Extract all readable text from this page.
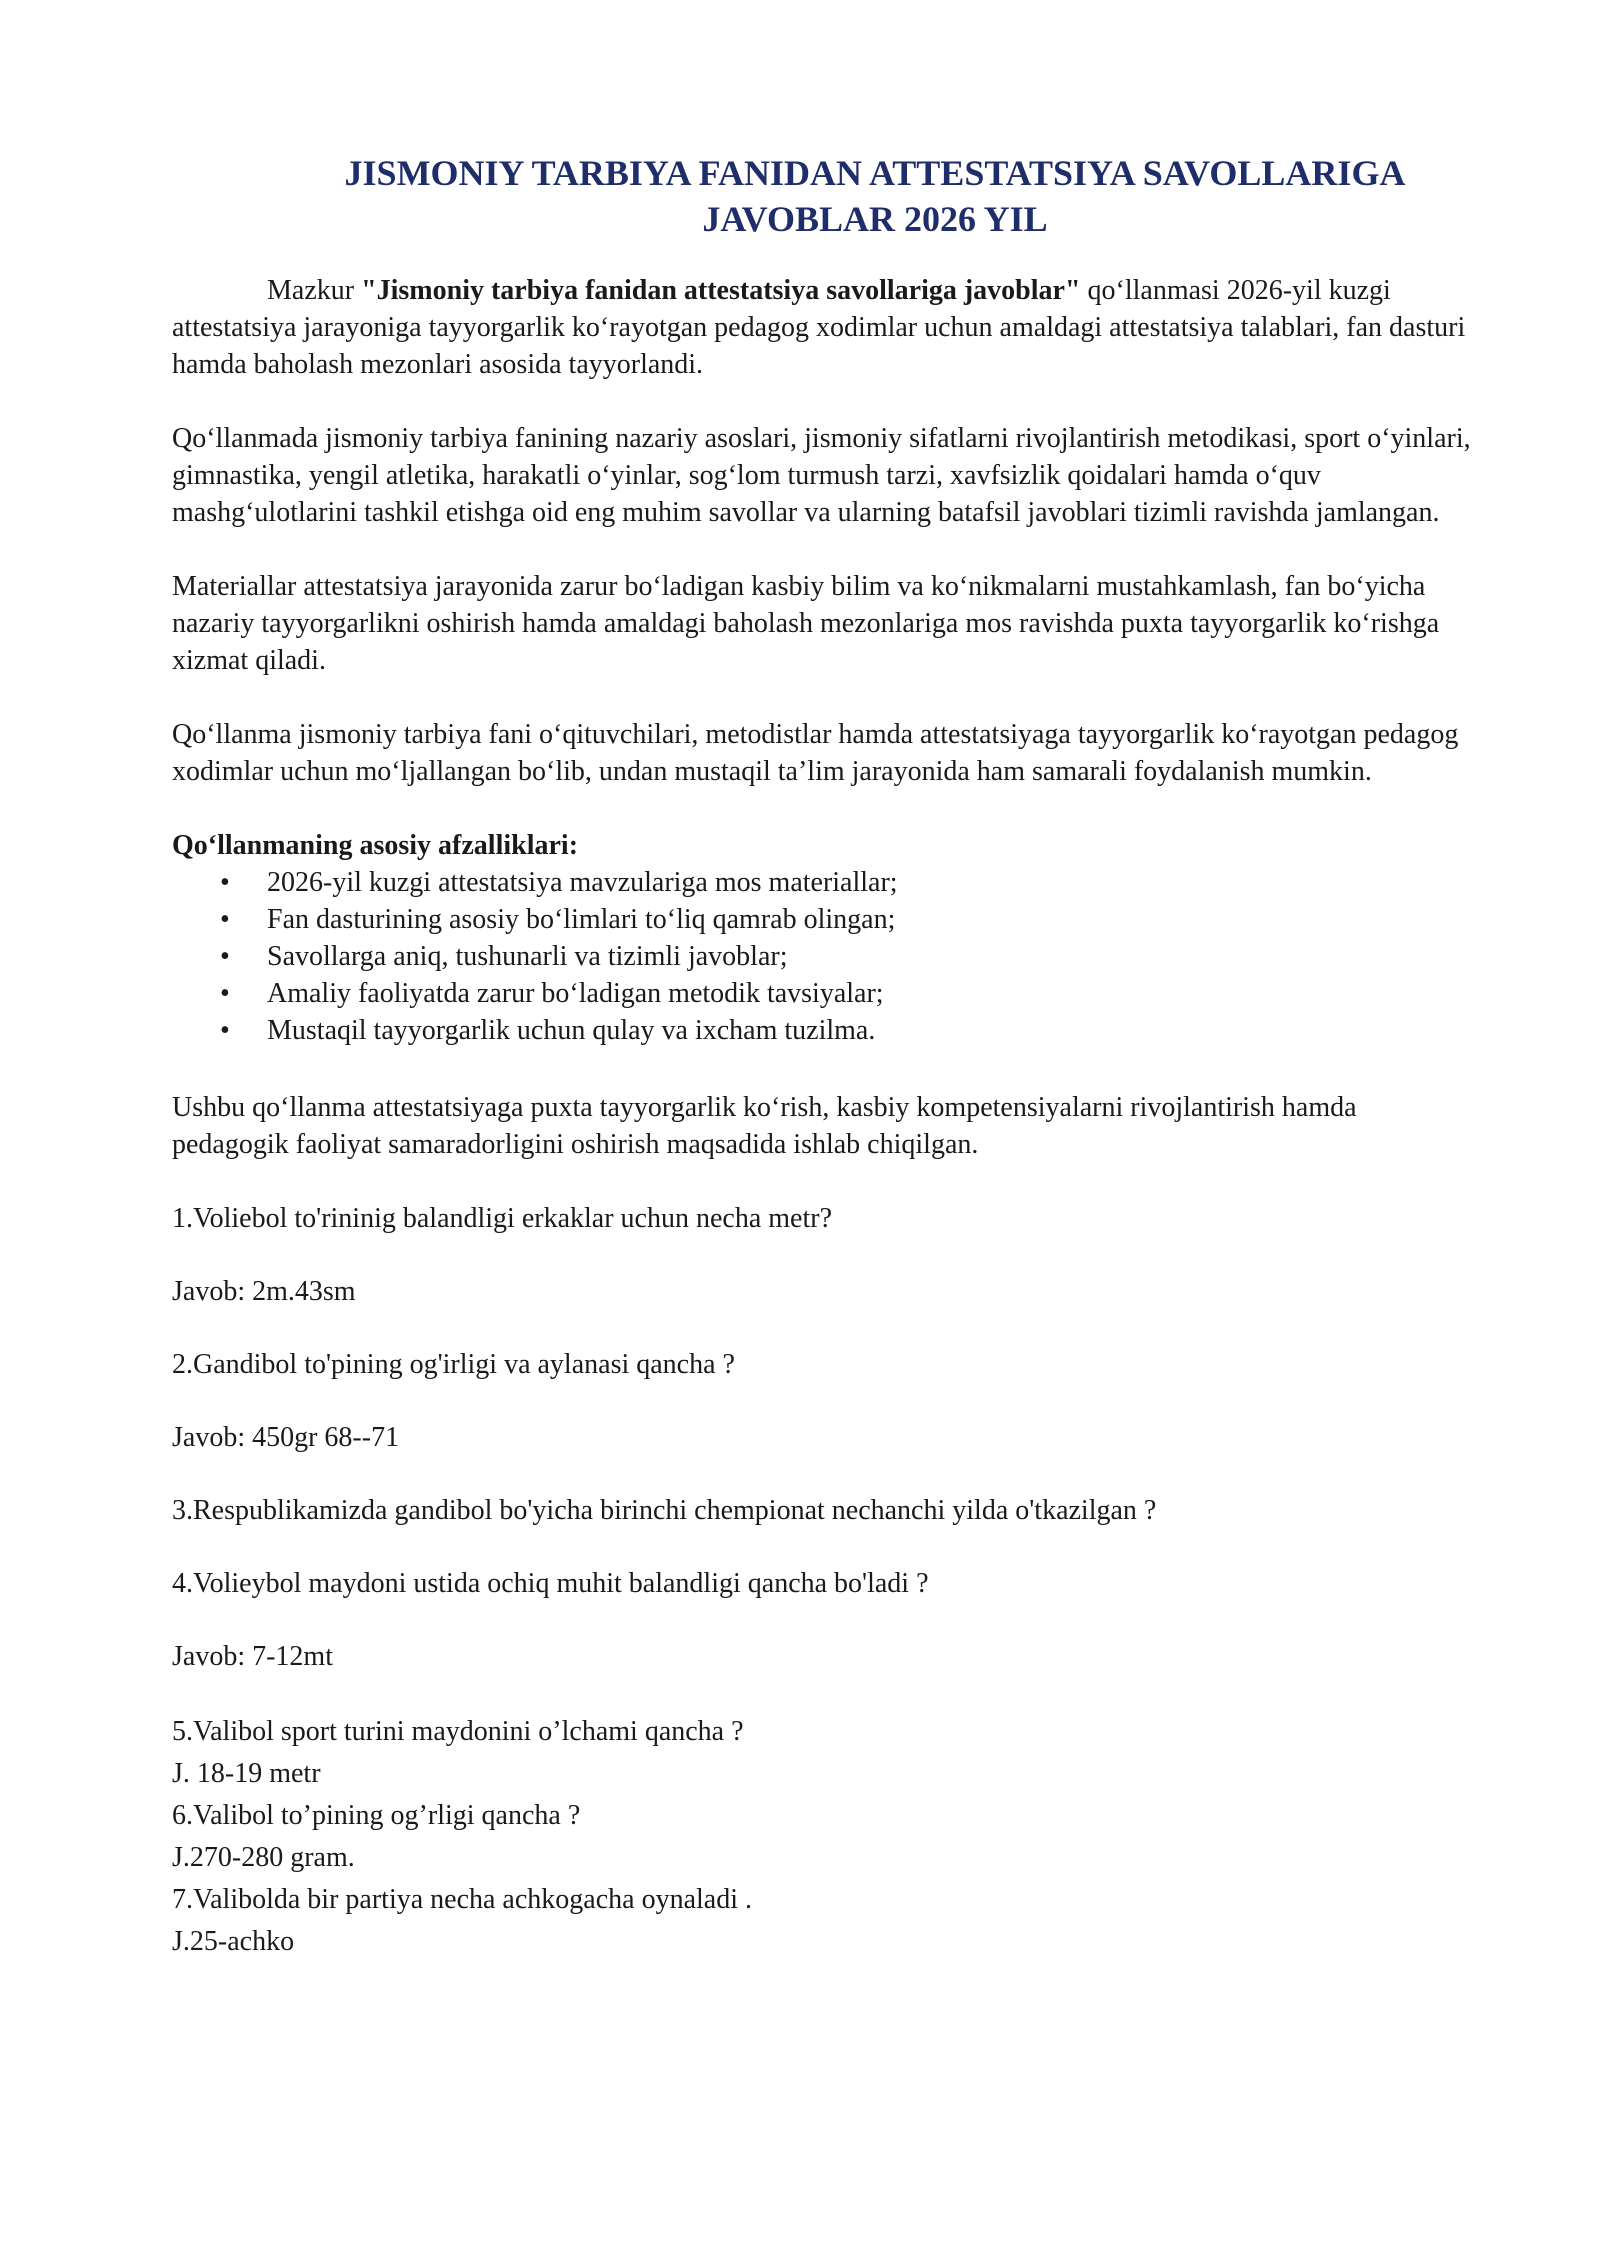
JISMONIY TARBIYA FANIDAN ATTESTATSIYA SAVOLLARIGA
JAVOBLAR 2026 YIL

Mazkur "Jismoniy tarbiya fanidan attestatsiya savollariga javoblar" qo‘llanmasi 2026-yil kuzgi attestatsiya jarayoniga tayyorgarlik ko‘rayotgan pedagog xodimlar uchun amaldagi attestatsiya talablari, fan dasturi hamda baholash mezonlari asosida tayyorlandi.

Qo‘llanmada jismoniy tarbiya fanining nazariy asoslari, jismoniy sifatlarni rivojlantirish metodikasi, sport o‘yinlari, gimnastika, yengil atletika, harakatli o‘yinlar, sog‘lom turmush tarzi, xavfsizlik qoidalari hamda o‘quv mashg‘ulotlarini tashkil etishga oid eng muhim savollar va ularning batafsil javoblari tizimli ravishda jamlangan.

Materiallar attestatsiya jarayonida zarur bo‘ladigan kasbiy bilim va ko‘nikmalarni mustahkamlash, fan bo‘yicha nazariy tayyorgarlikni oshirish hamda amaldagi baholash mezonlariga mos ravishda puxta tayyorgarlik ko‘rishga xizmat qiladi.

Qo‘llanma jismoniy tarbiya fani o‘qituvchilari, metodistlar hamda attestatsiyaga tayyorgarlik ko‘rayotgan pedagog xodimlar uchun mo‘ljallangan bo‘lib, undan mustaqil ta’lim jarayonida ham samarali foydalanish mumkin.

Qo‘llanmaning asosiy afzalliklari:

• 2026-yil kuzgi attestatsiya mavzulariga mos materiallar;
• Fan dasturining asosiy bo‘limlari to‘liq qamrab olingan;
• Savollarga aniq, tushunarli va tizimli javoblar;
• Amaliy faoliyatda zarur bo‘ladigan metodik tavsiyalar;
• Mustaqil tayyorgarlik uchun qulay va ixcham tuzilma.

Ushbu qo‘llanma attestatsiyaga puxta tayyorgarlik ko‘rish, kasbiy kompetensiyalarni rivojlantirish hamda pedagogik faoliyat samaradorligini oshirish maqsadida ishlab chiqilgan.

1.Voliebol to'rininig balandligi erkaklar uchun necha metr?

Javob: 2m.43sm

2.Gandibol to'pining og'irligi va aylanasi qancha ?

Javob: 450gr 68--71

3.Respublikamizda gandibol bo'yicha birinchi chempionat nechanchi yilda o'tkazilgan ?

4.Volieybol maydoni ustida ochiq muhit balandligi qancha bo'ladi ?

Javob: 7-12mt

5.Valibol sport turini maydonini o’lchami qancha ?

J. 18-19 metr

6.Valibol to’pining og’rligi qancha ?

J.270-280 gram.

7.Valibolda bir partiya necha achkogacha oynaladi .

J.25-achko
